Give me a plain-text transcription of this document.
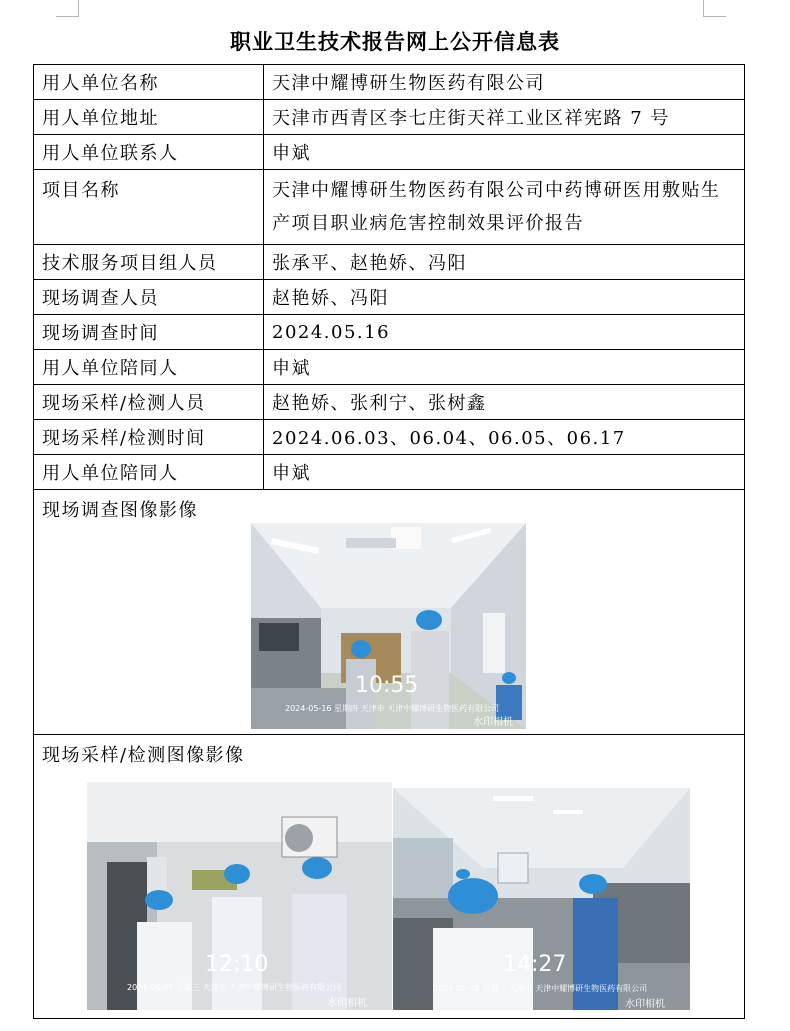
职业卫生技术报告网上公开信息表
用人单位名称	天津中耀博研生物医药有限公司
用人单位地址	天津市西青区李七庄街天祥工业区祥宪路 7 号
用人单位联系人	申斌
项目名称	天津中耀博研生物医药有限公司中药博研医用敷贴生产项目职业病危害控制效果评价报告
技术服务项目组人员	张承平、赵艳娇、冯阳
现场调查人员	赵艳娇、冯阳
现场调查时间	2024.05.16
用人单位陪同人	申斌
现场采样/检测人员	赵艳娇、张利宁、张树鑫
现场采样/检测时间	2024.06.03、06.04、06.05、06.17
用人单位陪同人	申斌

现场调查图像影像	

现场采样/检测图像影像	
10:55
2024-05-16 星期四 天津市 天津中耀博研生物医药有限公司
水印相机
12:10
2024-06-05 星期三 天津市 天津中耀博研生物医药有限公司
水印相机
14:27
2024-06-05 星期三 天津市 天津中耀博研生物医药有限公司
水印相机
